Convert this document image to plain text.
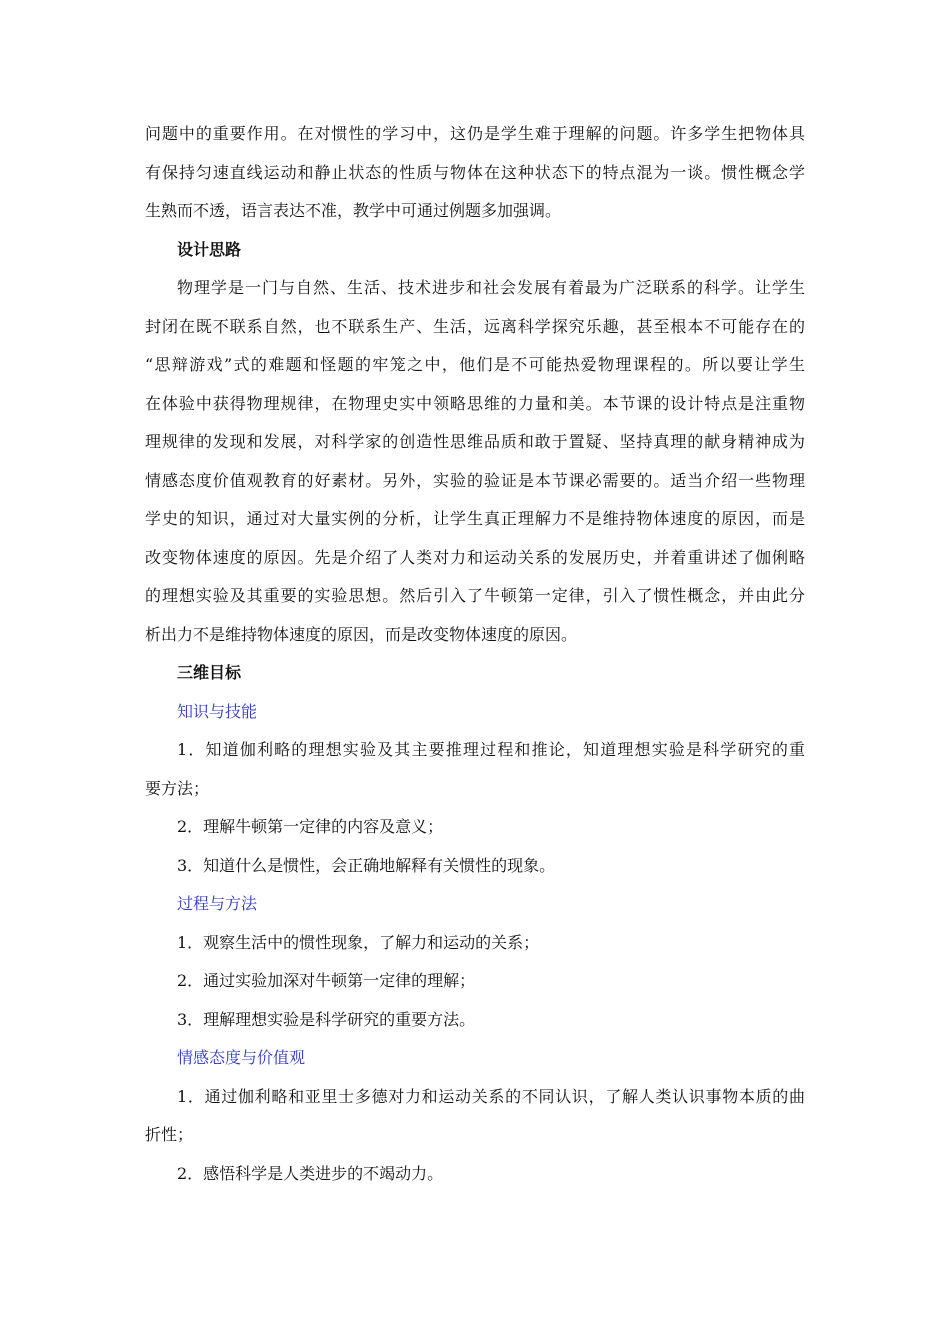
问题中的重要作用。在对惯性的学习中，这仍是学生难于理解的问题。许多学生把物体具
有保持匀速直线运动和静止状态的性质与物体在这种状态下的特点混为一谈。惯性概念学
生熟而不透，语言表达不准，教学中可通过例题多加强调。
设计思路
物理学是一门与自然、生活、技术进步和社会发展有着最为广泛联系的科学。让学生
封闭在既不联系自然，也不联系生产、生活，远离科学探究乐趣，甚至根本不可能存在的
“思辩游戏”式的难题和怪题的牢笼之中，他们是不可能热爱物理课程的。所以要让学生
在体验中获得物理规律，在物理史实中领略思维的力量和美。本节课的设计特点是注重物
理规律的发现和发展，对科学家的创造性思维品质和敢于置疑、坚持真理的献身精神成为
情感态度价值观教育的好素材。另外，实验的验证是本节课必需要的。适当介绍一些物理
学史的知识，通过对大量实例的分析，让学生真正理解力不是维持物体速度的原因，而是
改变物体速度的原因。先是介绍了人类对力和运动关系的发展历史，并着重讲述了伽俐略
的理想实验及其重要的实验思想。然后引入了牛顿第一定律，引入了惯性概念，并由此分
析出力不是维持物体速度的原因，而是改变物体速度的原因。
三维目标
知识与技能
1．知道伽利略的理想实验及其主要推理过程和推论，知道理想实验是科学研究的重
要方法；
2．理解牛顿第一定律的内容及意义；
3．知道什么是惯性，会正确地解释有关惯性的现象。
过程与方法
1．观察生活中的惯性现象，了解力和运动的关系；
2．通过实验加深对牛顿第一定律的理解；
3．理解理想实验是科学研究的重要方法。
情感态度与价值观
1．通过伽利略和亚里士多德对力和运动关系的不同认识，了解人类认识事物本质的曲
折性；
2．感悟科学是人类进步的不竭动力。
